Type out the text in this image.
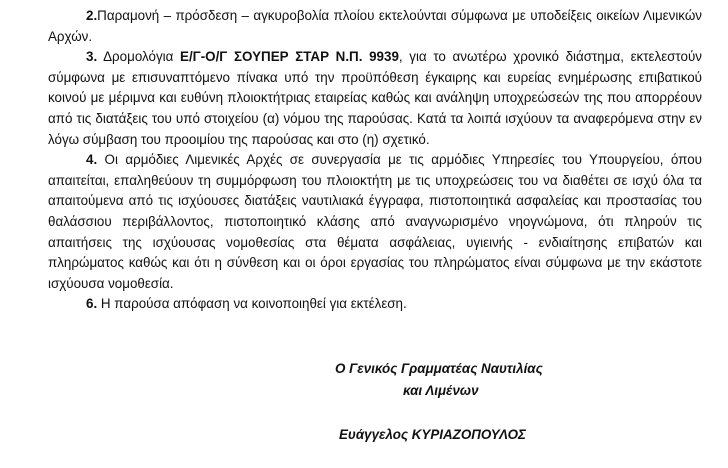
2.Παραμονή – πρόσδεση – αγκυροβολία πλοίου εκτελούνται σύμφωνα με υποδείξεις οικείων Λιμενικών Αρχών.

3. Δρομολόγια Ε/Γ-Ο/Γ ΣΟΥΠΕΡ ΣΤΑΡ Ν.Π. 9939, για το ανωτέρω χρονικό διάστημα, εκτελεστούν σύμφωνα με επισυναπτόμενο πίνακα υπό την προϋπόθεση έγκαιρης και ευρείας ενημέρωσης επιβατικού κοινού με μέριμνα και ευθύνη πλοιοκτήτριας εταιρείας καθώς και ανάληψη υποχρεώσεών της που απορρέουν από τις διατάξεις του υπό στοιχείου (α) νόμου της παρούσας. Κατά τα λοιπά ισχύουν τα αναφερόμενα στην εν λόγω σύμβαση του προοιμίου της παρούσας και στο (η) σχετικό.

4. Οι αρμόδιες Λιμενικές Αρχές σε συνεργασία με τις αρμόδιες Υπηρεσίες του Υπουργείου, όπου απαιτείται, επαληθεύουν τη συμμόρφωση του πλοιοκτήτη με τις υποχρεώσεις του να διαθέτει σε ισχύ όλα τα απαιτούμενα από τις ισχύουσες διατάξεις ναυτιλιακά έγγραφα, πιστοποιητικά ασφαλείας και προστασίας του θαλάσσιου περιβάλλοντος, πιστοποιητικό κλάσης από αναγνωρισμένο νηογνώμονα, ότι πληρούν τις απαιτήσεις της ισχύουσας νομοθεσίας στα θέματα ασφάλειας, υγιεινής - ενδιαίτησης επιβατών και πληρώματος καθώς και ότι η σύνθεση και οι όροι εργασίας του πληρώματος είναι σύμφωνα με την εκάστοτε ισχύουσα νομοθεσία.

6. Η παρούσα απόφαση να κοινοποιηθεί για εκτέλεση.

Ο Γενικός Γραμματέας Ναυτιλίας
και Λιμένων
Ευάγγελος ΚΥΡΙΑΖΟΠΟΥΛΟΣ
